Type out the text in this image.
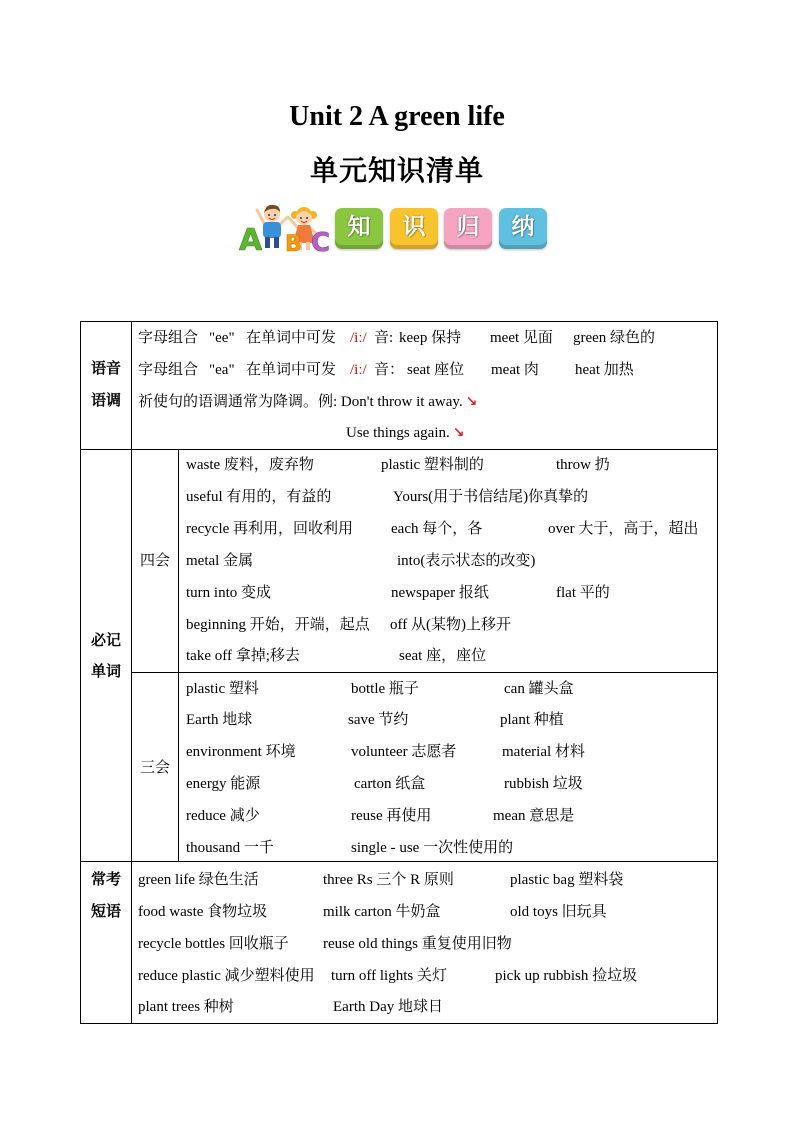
Unit 2 A green life
单元知识清单
A B C
知	识	归	纳
语音
语调
字母组合 "ee" 在单词中可发 /iː/ 音: keep 保持 meet 见面 green 绿色的
字母组合 "ea" 在单词中可发 /iː/ 音： seat 座位 meat 肉 heat 加热
祈使句的语调通常为降调。例: Don't throw it away. ↘
Use things again. ↘
必记
单词
四会
waste 废料，废弃物	plastic 塑料制的	throw 扔
useful 有用的，有益的	Yours(用于书信结尾)你真挚的
recycle 再利用，回收利用	each 每个，各	over 大于，高于，超出
metal 金属	into(表示状态的改变)
turn into 变成	newspaper 报纸	flat 平的
beginning 开始，开端，起点 off 从(某物)上移开
take off 拿掉;移去	seat 座，座位
三会
plastic 塑料	bottle 瓶子	can 罐头盒
Earth 地球	save 节约	plant 种植
environment 环境	volunteer 志愿者	material 材料
energy 能源	carton 纸盒	rubbish 垃圾
reduce 减少	reuse 再使用	mean 意思是
thousand 一千	single - use 一次性使用的
常考
短语
green life 绿色生活	three Rs 三个 R 原则	plastic bag 塑料袋
food waste 食物垃圾	milk carton 牛奶盒	old toys 旧玩具
recycle bottles 回收瓶子 reuse old things 重复使用旧物
reduce plastic 减少塑料使用 turn off lights 关灯	pick up rubbish 捡垃圾
plant trees 种树	Earth Day 地球日
